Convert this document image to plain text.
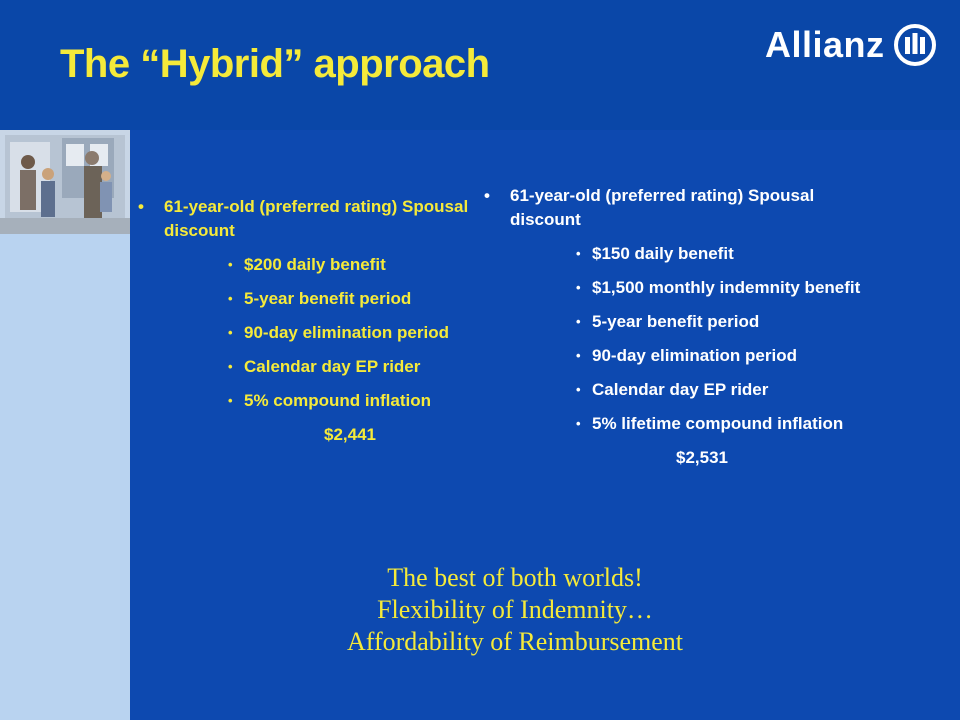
The “Hybrid” approach	Allianz
• 61-year-old (preferred rating) Spousal discount
• $200 daily benefit
• 5-year benefit period
• 90-day elimination period
• Calendar day EP rider
• 5% compound inflation
$2,441
• 61-year-old (preferred rating) Spousal discount
• $150 daily benefit
• $1,500 monthly indemnity benefit
• 5-year benefit period
• 90-day elimination period
• Calendar day EP rider
• 5% lifetime compound inflation
$2,531
The best of both worlds!
Flexibility of Indemnity…
Affordability of Reimbursement
